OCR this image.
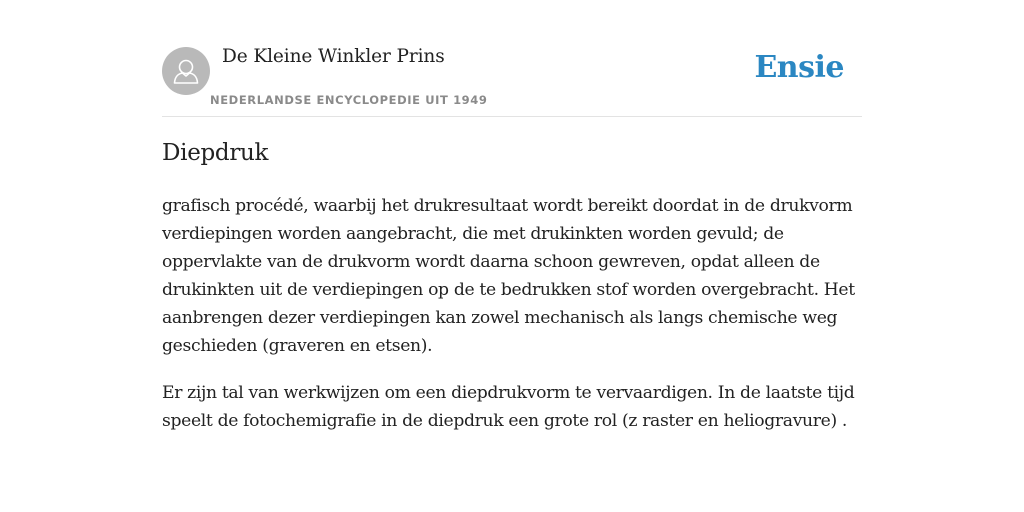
De Kleine Winkler Prins
NEDERLANDSE ENCYCLOPEDIE UIT 1949
Ensie
Diepdruk

grafisch procédé, waarbij het drukresultaat wordt bereikt doordat in de drukvorm verdiepingen worden aangebracht, die met drukinkten worden gevuld; de oppervlakte van de drukvorm wordt daarna schoon gewreven, opdat alleen de drukinkten uit de verdiepingen op de te bedrukken stof worden overgebracht. Het aanbrengen dezer verdiepingen kan zowel mechanisch als langs chemische weg geschieden (graveren en etsen).

Er zijn tal van werkwijzen om een diepdrukvorm te vervaardigen. In de laatste tijd speelt de fotochemigrafie in de diepdruk een grote rol (z raster en heliogravure) .
